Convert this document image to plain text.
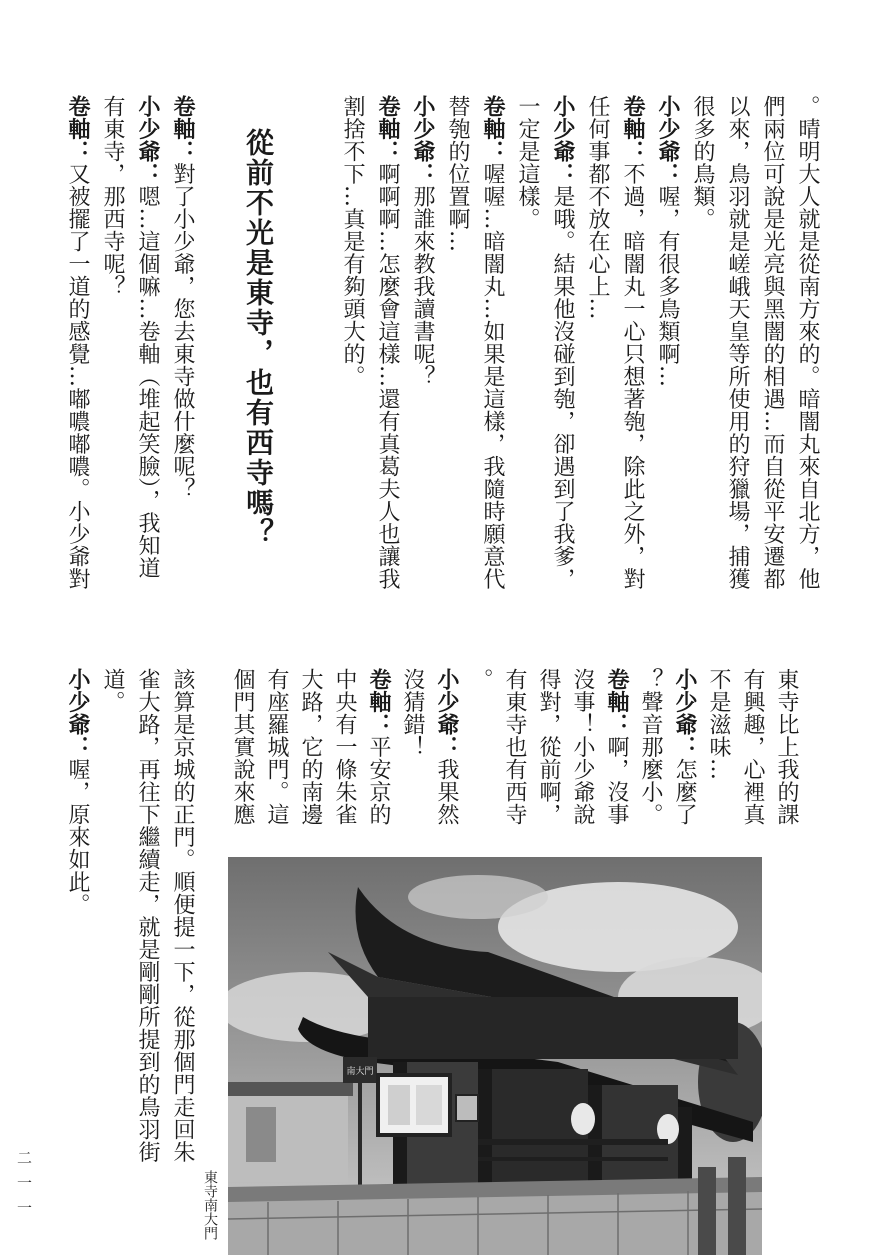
。晴明大人就是從南方來的。暗闇丸來自北方，他
們兩位可說是光亮與黑闇的相遇…而自從平安遷都
以來，鳥羽就是嵯峨天皇等所使用的狩獵場，捕獲
很多的鳥類。
小少爺：喔，有很多鳥類啊…
卷軸：不過，暗闇丸一心只想著匏，除此之外，對
任何事都不放在心上…
小少爺：是哦。結果他沒碰到匏，卻遇到了我爹，
一定是這樣。
卷軸：喔喔…暗闇丸…如果是這樣，我隨時願意代
替匏的位置啊…
小少爺：那誰來教我讀書呢？
卷軸：啊啊啊…怎麼會這樣…還有真葛夫人也讓我
割捨不下…真是有夠頭大的。
從前不光是東寺，也有西寺嗎？
卷軸：對了小少爺，您去東寺做什麼呢？
小少爺：嗯…這個嘛…卷軸（堆起笑臉），我知道
有東寺，那西寺呢？
卷軸：又被擺了一道的感覺…嘟噥嘟噥。小少爺對
東寺比上我的課
有興趣，心裡真
不是滋味…
小少爺：怎麼了
？聲音那麼小。
卷軸：啊，沒事
沒事！小少爺說
得對，從前啊，
有東寺也有西寺
。
小少爺：我果然
沒猜錯！
卷軸：平安京的
中央有一條朱雀
大路，它的南邊
有座羅城門。這
個門其實說來應
該算是京城的正門。順便提一下，從那個門走回朱
雀大路，再往下繼續走，就是剛剛所提到的鳥羽街
道。
小少爺：喔，原來如此。
南大門
東寺南大門
二一一
